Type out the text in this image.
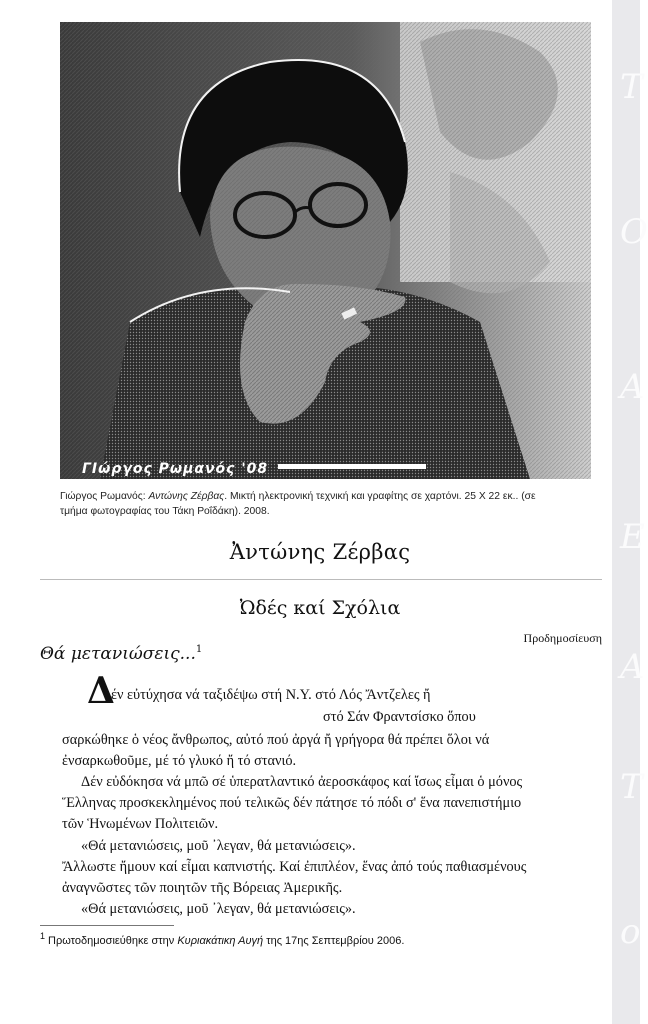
Τ
Ο
Α
Ε
Α
Τ
ο
ΓΙώργος Ρωμανός '08
Γιώργος Ρωμανός: Αντώνης Ζέρβας. Μικτή ηλεκτρονική τεχνική και γραφίτης σε χαρτόνι. 25 X 22 εκ.. (σε
τμήμα φωτογραφίας του Τάκη Ροΐδάκη). 2008.
Ἀντώνης Ζέρβας
Ὠδές καί Σχόλια
Προδημοσίευση
Θά μετανιώσεις...$^1$
Δ
έν εὐτύχησα νά ταξιδέψω στή Ν.Υ. στό Λός Ἄντζελες ἤ
στό Σάν Φραντσίσκο ὅπου
σαρκώθηκε ὁ νέος ἄνθρωπος, αὐτό πού ἀργά ἤ γρήγορα θά πρέπει ὅλοι νά
ἐνσαρκωθοῦμε, μέ τό γλυκό ἤ τό στανιό.
Δέν εὐδόκησα νά μπῶ σέ ὑπερατλαντικό ἀεροσκάφος καί ἴσως εἶμαι ὁ μόνος
Ἕλληνας προσκεκλημένος πού τελικῶς δέν πάτησε τό πόδι σ' ἕνα πανεπιστήμιο
τῶν Ἡνωμένων Πολιτειῶν.
«Θά μετανιώσεις, μοῦ ᾽λεγαν, θά μετανιώσεις».
Ἄλλωστε ἤμουν καί εἶμαι καπνιστής. Καί ἐπιπλέον, ἕνας ἀπό τούς παθιασμένους
ἀναγνῶστες τῶν ποιητῶν τῆς Βόρειας Ἀμερικῆς.
«Θά μετανιώσεις, μοῦ ᾽λεγαν, θά μετανιώσεις».
$^1$ Πρωτοδημοσιεύθηκε στην Κυριακάτικη Αυγή της 17ης Σεπτεμβρίου 2006.
